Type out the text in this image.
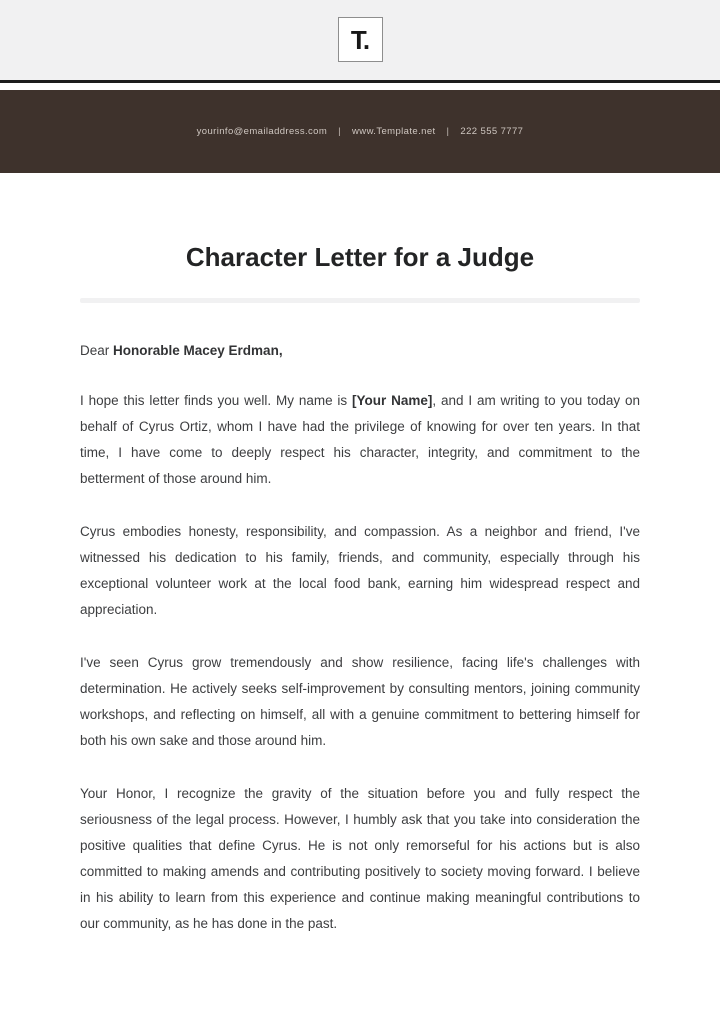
T.
yourinfo@emailaddress.com | www.Template.net | 222 555 7777
Character Letter for a Judge

Dear Honorable Macey Erdman,

I hope this letter finds you well. My name is [Your Name], and I am writing to you today on behalf of Cyrus Ortiz, whom I have had the privilege of knowing for over ten years. In that time, I have come to deeply respect his character, integrity, and commitment to the betterment of those around him.

Cyrus embodies honesty, responsibility, and compassion. As a neighbor and friend, I've witnessed his dedication to his family, friends, and community, especially through his exceptional volunteer work at the local food bank, earning him widespread respect and appreciation.

I've seen Cyrus grow tremendously and show resilience, facing life's challenges with determination. He actively seeks self-improvement by consulting mentors, joining community workshops, and reflecting on himself, all with a genuine commitment to bettering himself for both his own sake and those around him.

Your Honor, I recognize the gravity of the situation before you and fully respect the seriousness of the legal process. However, I humbly ask that you take into consideration the positive qualities that define Cyrus. He is not only remorseful for his actions but is also committed to making amends and contributing positively to society moving forward. I believe in his ability to learn from this experience and continue making meaningful contributions to our community, as he has done in the past.
